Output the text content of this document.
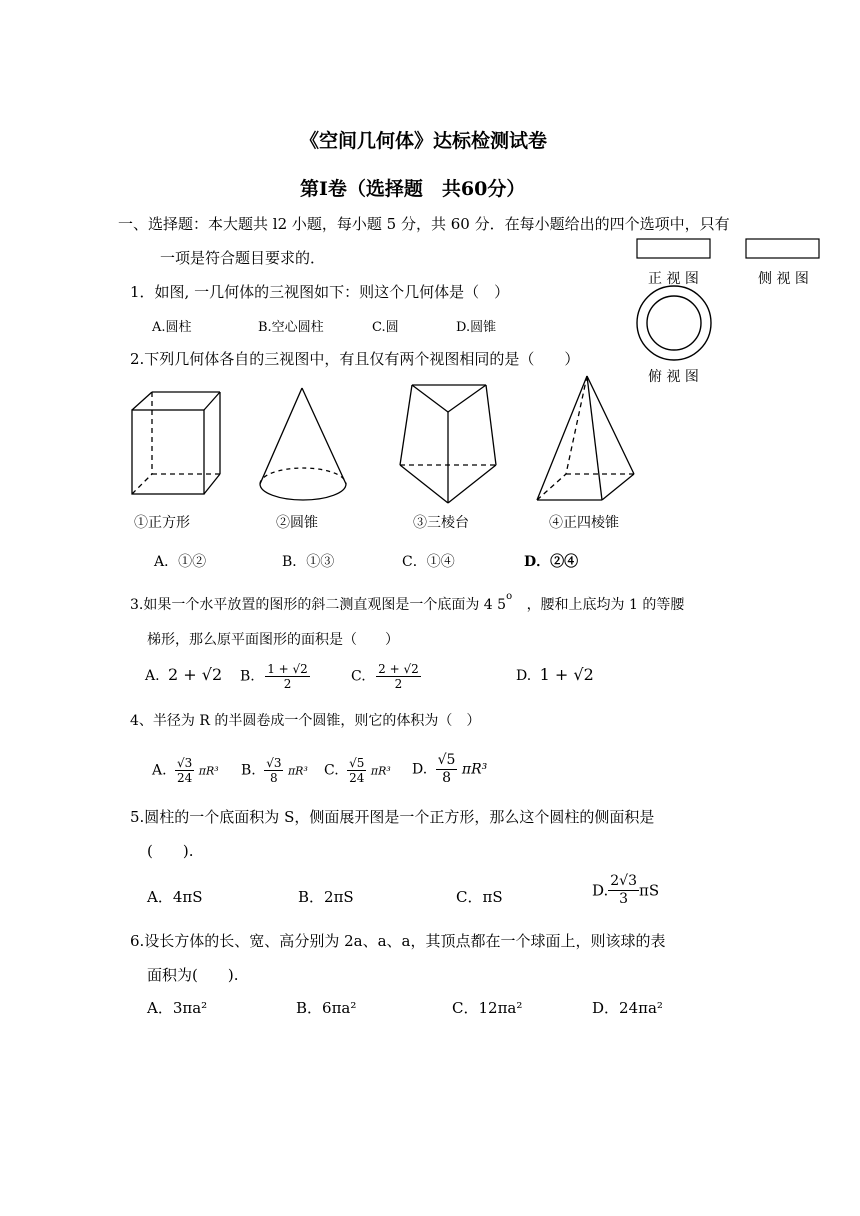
《空间几何体》达标检测试卷
第Ⅰ卷（选择题　共60分）
一、选择题：本大题共 l2 小题，每小题 5 分，共 60 分．在每小题给出的四个选项中，只有
一项是符合题目要求的．
正 视 图	侧 视 图
俯 视 图
1．如图, 一几何体的三视图如下：则这个几何体是（　）
A.圆柱	B.空心圆柱	C.圆	D.圆锥
2.下列几何体各自的三视图中，有且仅有两个视图相同的是（　　）
①正方形	②圆锥	③三棱台	④正四棱锥
A．①②	B．①③	C．①④	D．②④
3.如果一个水平放置的图形的斜二测直观图是一个底面为 4 5$^o$ ，腰和上底均为 1 的等腰
梯形，那么原平面图形的面积是（　　）
A. 2 + √2 B. $\frac{1 + √2}{2}$	C. $\frac{2 + √2}{2}$	D. 1 + √2
4、半径为 R 的半圆卷成一个圆锥，则它的体积为（　）
A. $\frac{√3}{24} \pi R^3$ B. $\frac{√3}{8} \pi R^3$ C. $\frac{√5}{24} \pi R^3$ D. $\frac{√5}{8} \pi R^3$
5.圆柱的一个底面积为 S，侧面展开图是一个正方形，那么这个圆柱的侧面积是
(　　).
A．4πS	B．2πS	C．πS	D. $\frac{2√3}{3}$ πS
6.设长方体的长、宽、高分别为 2a、a、a，其顶点都在一个球面上，则该球的表
面积为(　　).
A．3πa²	B．6πa²	C．12πa²	D．24πa²
